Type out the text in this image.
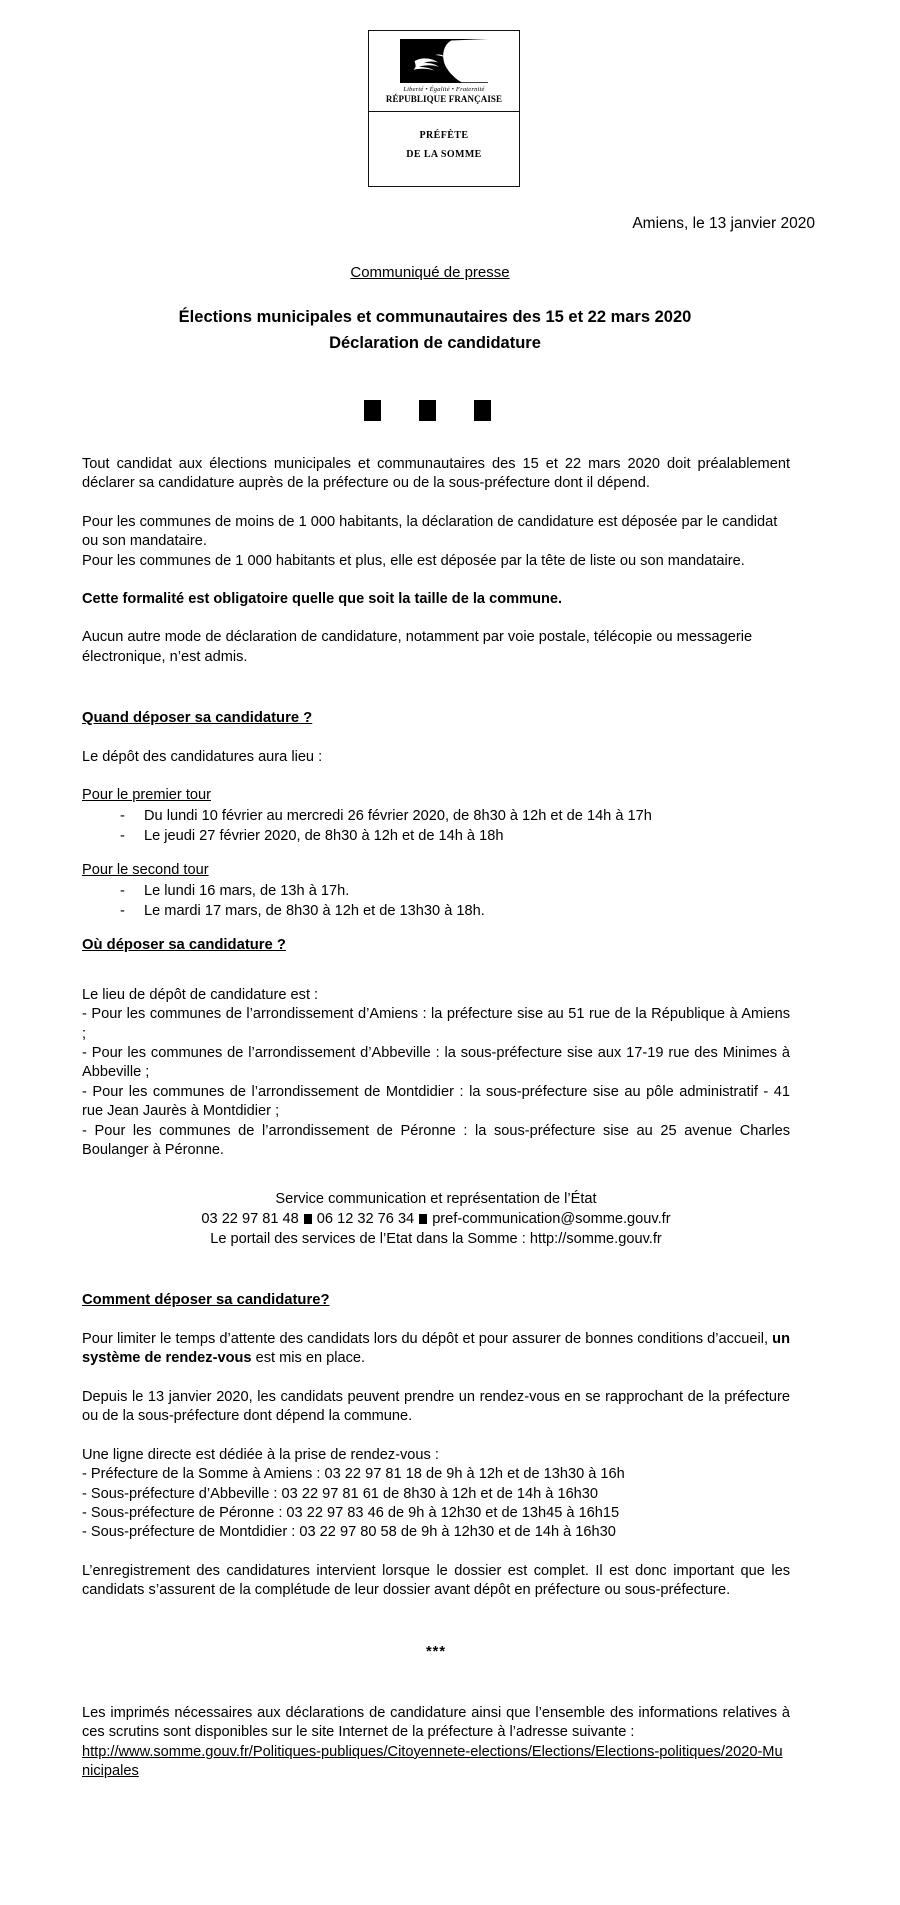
Liberté • Égalité • Fraternité

RÉPUBLIQUE FRANÇAISE

PRÉFÈTE

DE LA SOMME

Amiens, le 13 janvier 2020
Communiqué de presse
Élections municipales et communautaires des 15 et 22 mars 2020
Déclaration de candidature

Tout candidat aux élections municipales et communautaires des 15 et 22 mars 2020 doit préalablement déclarer sa candidature auprès de la préfecture ou de la sous-préfecture dont il dépend.

Pour les communes de moins de 1 000 habitants, la déclaration de candidature est déposée par le candidat ou son mandataire.

Pour les communes de 1 000 habitants et plus, elle est déposée par la tête de liste ou son mandataire.

Cette formalité est obligatoire quelle que soit la taille de la commune.

Aucun autre mode de déclaration de candidature, notamment par voie postale, télécopie ou messagerie électronique, n’est admis.

Quand déposer sa candidature ?

Le dépôt des candidatures aura lieu :

Pour le premier tour

- Du lundi 10 février au mercredi 26 février 2020, de 8h30 à 12h et de 14h à 17h
- Le jeudi 27 février 2020, de 8h30 à 12h et de 14h à 18h

Pour le second tour

- Le lundi 16 mars, de 13h à 17h.
- Le mardi 17 mars, de 8h30 à 12h et de 13h30 à 18h.

Où déposer sa candidature ?

Le lieu de dépôt de candidature est :

- Pour les communes de l’arrondissement d’Amiens : la préfecture sise au 51 rue de la République à Amiens ;

- Pour les communes de l’arrondissement d’Abbeville : la sous-préfecture sise aux 17-19 rue des Minimes à Abbeville ;

- Pour les communes de l’arrondissement de Montdidier : la sous-préfecture sise au pôle administratif - 41 rue Jean Jaurès à Montdidier ;

- Pour les communes de l’arrondissement de Péronne : la sous-préfecture sise au 25 avenue Charles Boulanger à Péronne.

Service communication et représentation de l’État
03 22 97 81 48 06 12 32 76 34 pref-communication@somme.gouv.fr
Le portail des services de l’Etat dans la Somme : http://somme.gouv.fr

Comment déposer sa candidature?

Pour limiter le temps d’attente des candidats lors du dépôt et pour assurer de bonnes conditions d’accueil, un système de rendez-vous est mis en place.

Depuis le 13 janvier 2020, les candidats peuvent prendre un rendez-vous en se rapprochant de la préfecture ou de la sous-préfecture dont dépend la commune.

Une ligne directe est dédiée à la prise de rendez-vous :

- Préfecture de la Somme à Amiens : 03 22 97 81 18 de 9h à 12h et de 13h30 à 16h

- Sous-préfecture d’Abbeville : 03 22 97 81 61 de 8h30 à 12h et de 14h à 16h30

- Sous-préfecture de Péronne : 03 22 97 83 46 de 9h à 12h30 et de 13h45 à 16h15

- Sous-préfecture de Montdidier : 03 22 97 80 58 de 9h à 12h30 et de 14h à 16h30

L’enregistrement des candidatures intervient lorsque le dossier est complet. Il est donc important que les candidats s’assurent de la complétude de leur dossier avant dépôt en préfecture ou sous-préfecture.

***

Les imprimés nécessaires aux déclarations de candidature ainsi que l’ensemble des informations relatives à ces scrutins sont disponibles sur le site Internet de la préfecture à l’adresse suivante :

http://www.somme.gouv.fr/Politiques-publiques/Citoyennete-elections/Elections/Elections-politiques/2020-Municipales
